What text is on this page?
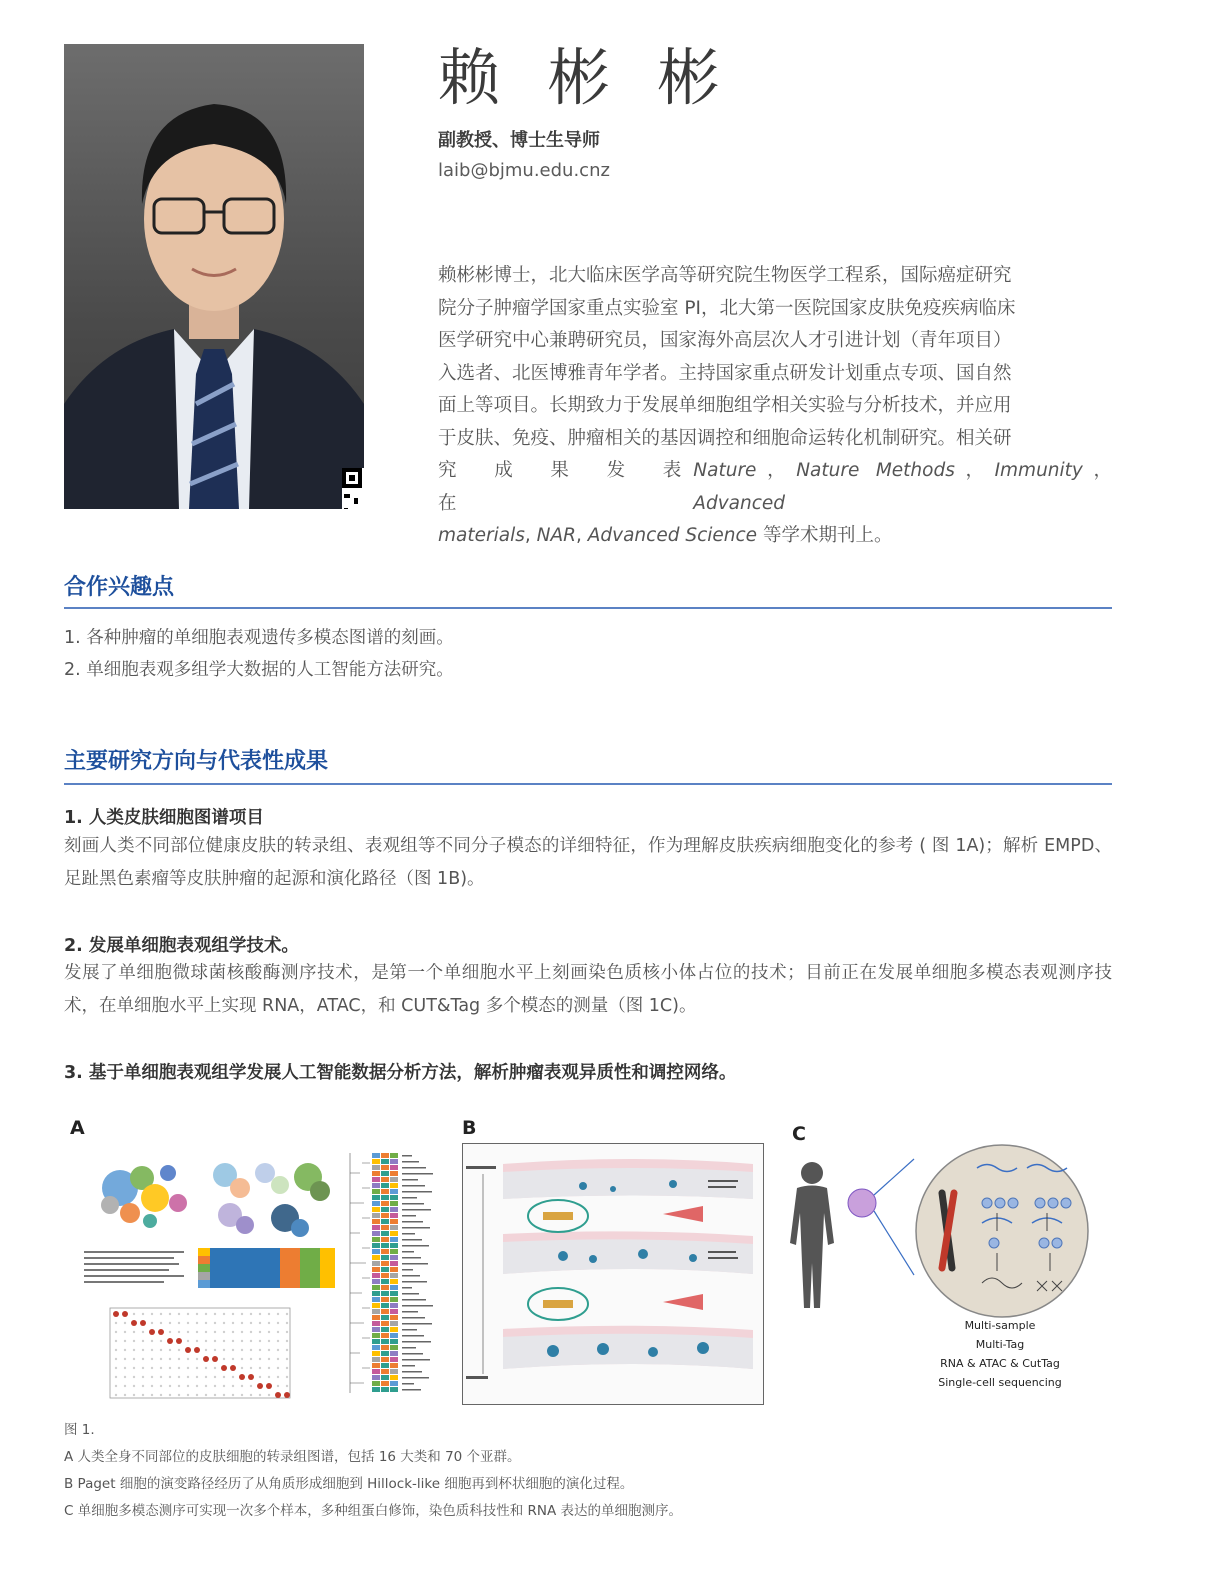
赖 彬 彬
副教授、博士生导师
laib@bjmu.edu.cnz
赖彬彬博士，北大临床医学高等研究院生物医学工程系，国际癌症研究
院分子肿瘤学国家重点实验室 PI，北大第一医院国家皮肤免疫疾病临床
医学研究中心兼聘研究员，国家海外高层次人才引进计划（青年项目）
入选者、北医博雅青年学者。主持国家重点研发计划重点专项、国自然
面上等项目。长期致力于发展单细胞组学相关实验与分析技术，并应用
于皮肤、免疫、肿瘤相关的基因调控和细胞命运转化机制研究。相关研
究 成 果 发 表 在
Nature，Nature Methods，Immunity，Advanced
materials, NAR, Advanced Science 等学术期刊上。
合作兴趣点
1. 各种肿瘤的单细胞表观遗传多模态图谱的刻画。
2. 单细胞表观多组学大数据的人工智能方法研究。
主要研究方向与代表性成果
1. 人类皮肤细胞图谱项目
刻画人类不同部位健康皮肤的转录组、表观组等不同分子模态的详细特征，作为理解皮肤疾病细胞变化的参考 ( 图 1A)；解析 EMPD、足趾黑色素瘤等皮肤肿瘤的起源和演化路径（图 1B)。
2. 发展单细胞表观组学技术。
发展了单细胞微球菌核酸酶测序技术，是第一个单细胞水平上刻画染色质核小体占位的技术；目前正在发展单细胞多模态表观测序技术，在单细胞水平上实现 RNA，ATAC，和 CUT&Tag 多个模态的测量（图 1C)。
3. 基于单细胞表观组学发展人工智能数据分析方法，解析肿瘤表观异质性和调控网络。
A	B	C
Multi-sample
Multi-Tag
RNA & ATAC & CutTag
Single-cell sequencing
图 1.
A 人类全身不同部位的皮肤细胞的转录组图谱，包括 16 大类和 70 个亚群。
B Paget 细胞的演变路径经历了从角质形成细胞到 Hillock-like 细胞再到杯状细胞的演化过程。
C 单细胞多模态测序可实现一次多个样本，多种组蛋白修饰，染色质科技性和 RNA 表达的单细胞测序。
